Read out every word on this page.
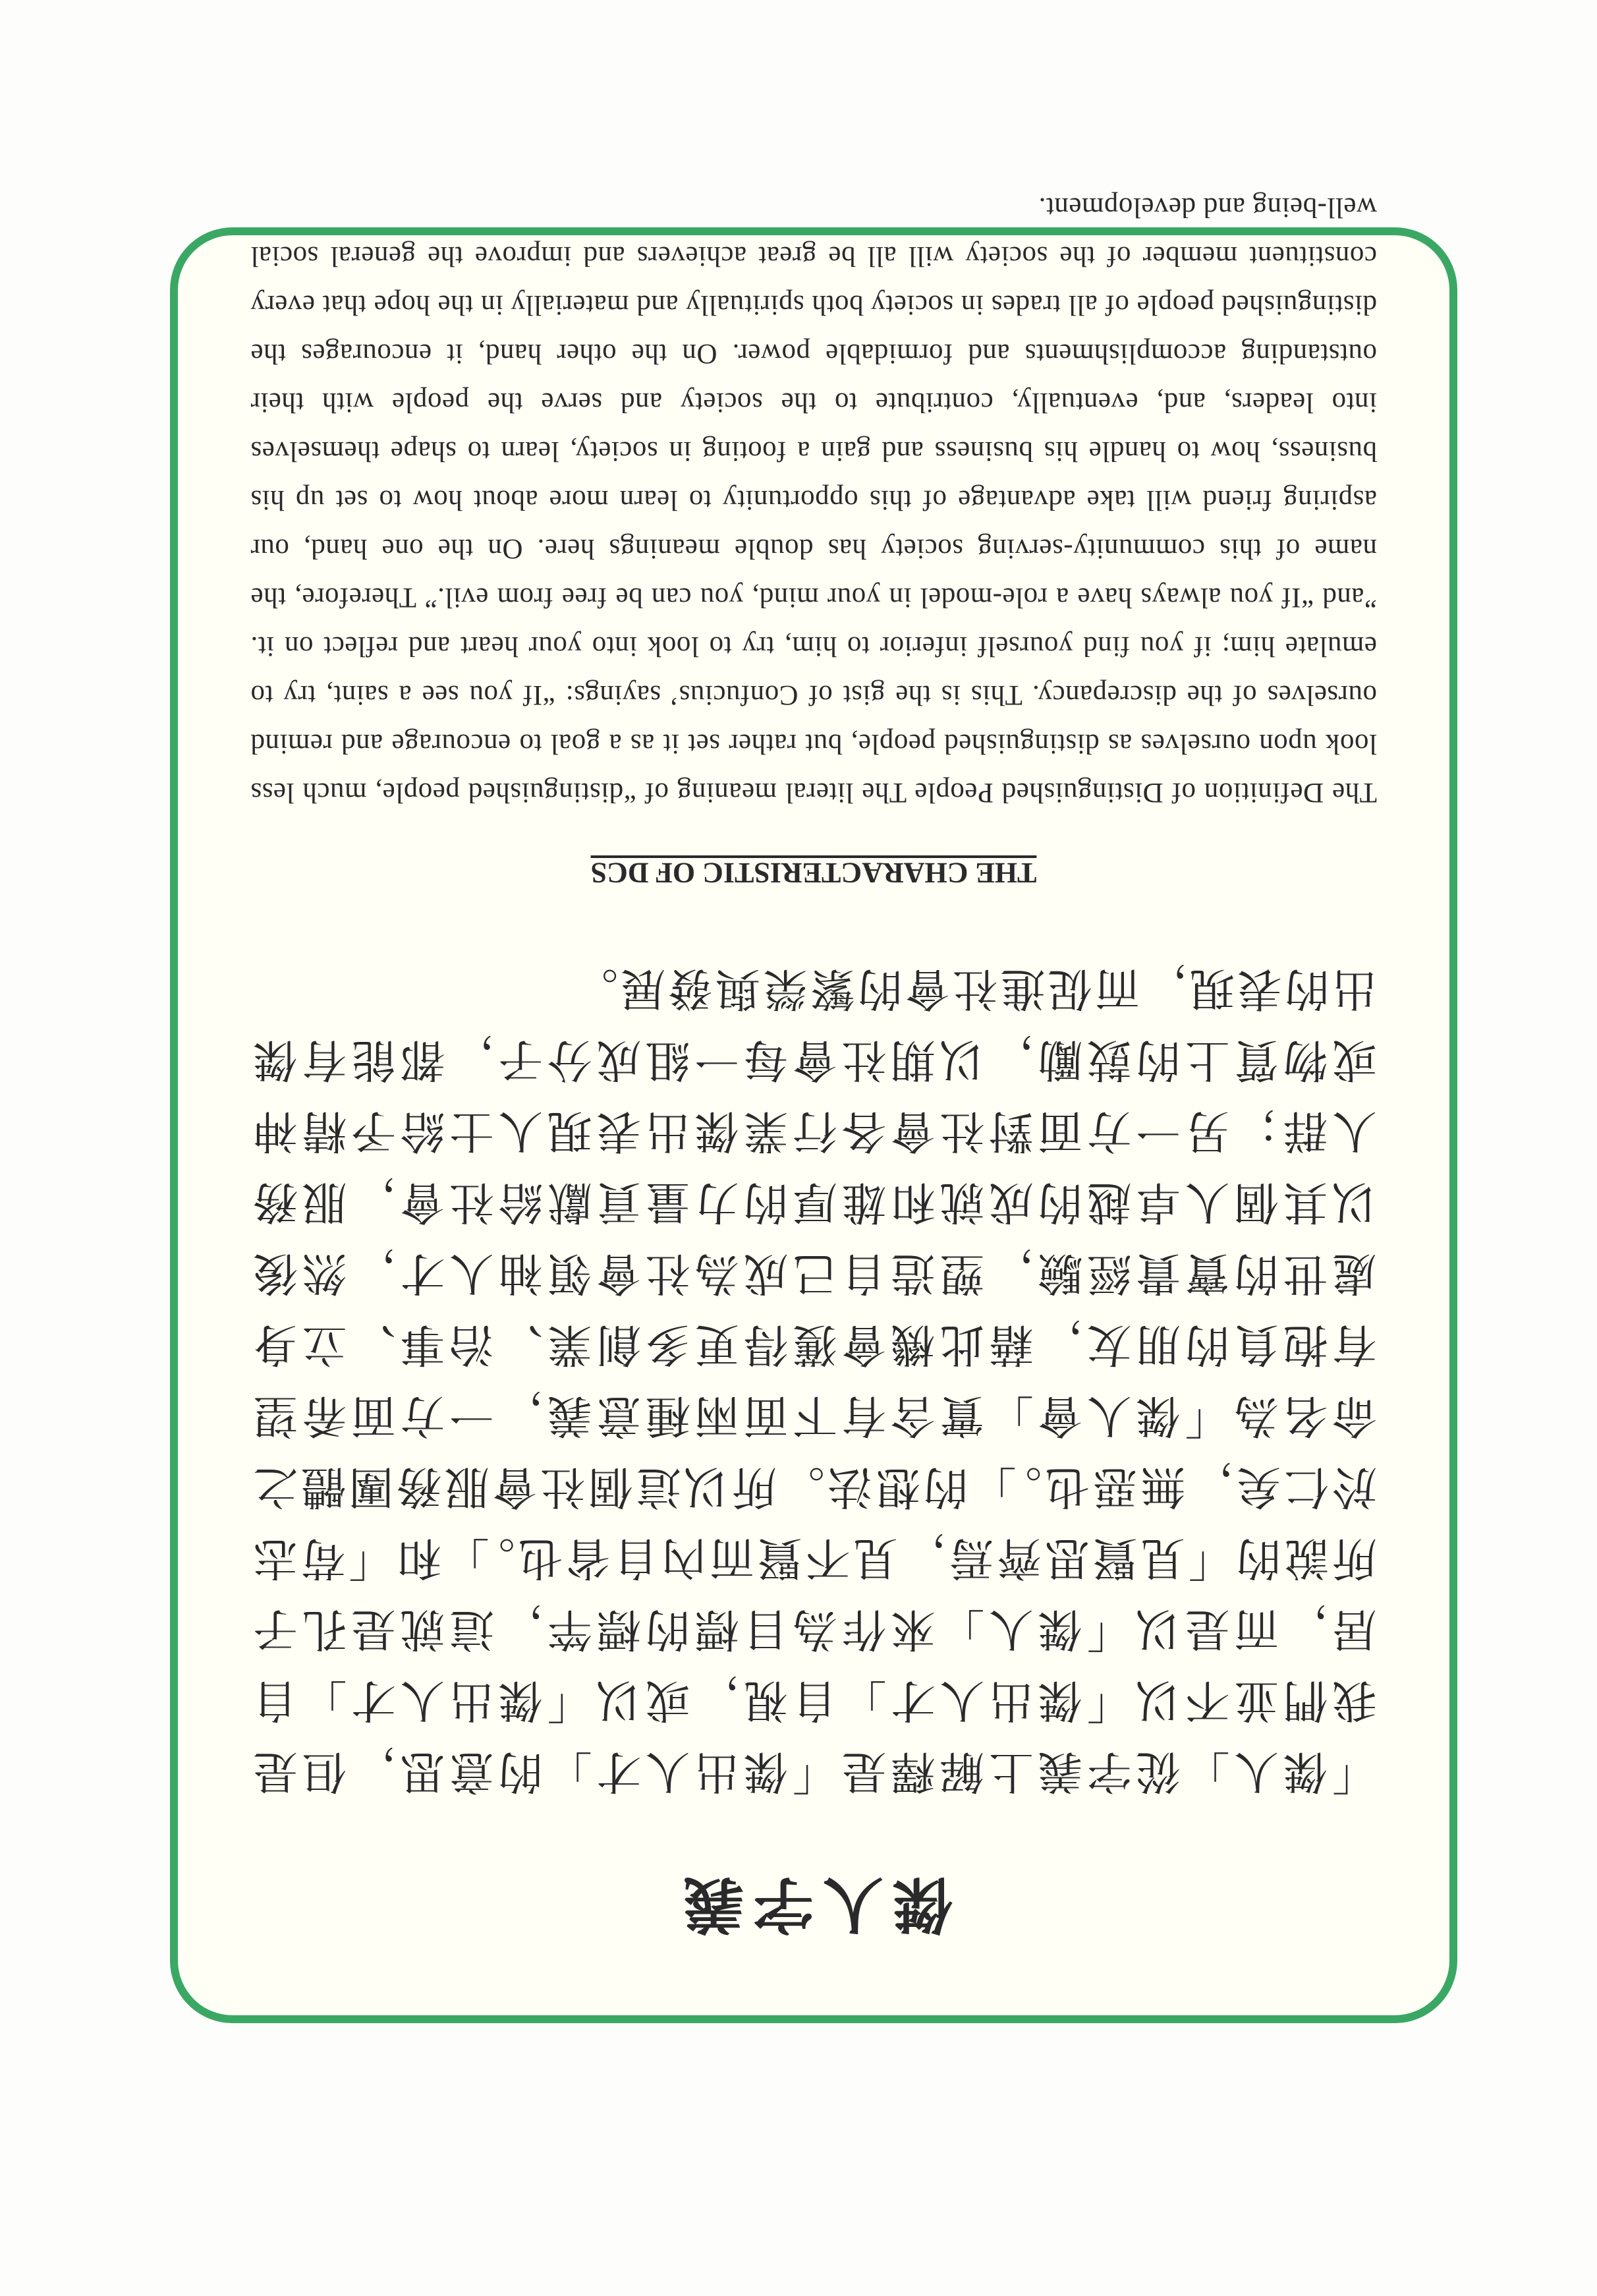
傑人字義

「傑人」從字義上解釋是「傑出人才」的意思，但是我們並不以「傑出人才」自視，或以「傑出人才」自居，而是以「傑人」來作為目標的標竿，這就是孔子所說的「見賢思齊焉，見不賢而內自省也。」和「苟志於仁矣，無惡也。」的想法。所以這個社會服務團體之命名為「傑人會」實含有下面兩種意義，一方面希望有抱負的朋友，藉此機會獲得更多創業、治事、立身處世的寶貴經驗，塑造自己成為社會領袖人才，然後以其個人卓越的成就和雄厚的力量貢獻給社會，服務人群；另一方面對社會各行業傑出表現人士給予精神或物質上的鼓勵，以期社會每一組成分子，都能有傑出的表現，而促進社會的繁榮與發展。

THE CHARACTERISTIC OF DCS

The Definition of Distinguished People The literal meaning of “distinguished people, much less look upon ourselves as distinguished people, but rather set it as a goal to encourage and remind ourselves of the discrepancy. This is the gist of Confucius’ sayings: “If you see a saint, try to emulate him; if you find yourself inferior to him, try to look into your heart and reflect on it. ”and “If you always have a role-model in your mind, you can be free from evil.” Therefore, the name of this community-serving society has double meanings here. On the one hand, our aspiring friend will take advantage of this opportunity to learn more about how to set up his business, how to handle his business and gain a footing in society, learn to shape themselves into leaders, and, eventually, contribute to the society and serve the people with their outstanding accomplishments and formidable power. On the other hand, it encourages the distinguished people of all trades in society both spiritually and materially in the hope that every constituent member of the society will all be great achievers and improve the general social well-being and development.
